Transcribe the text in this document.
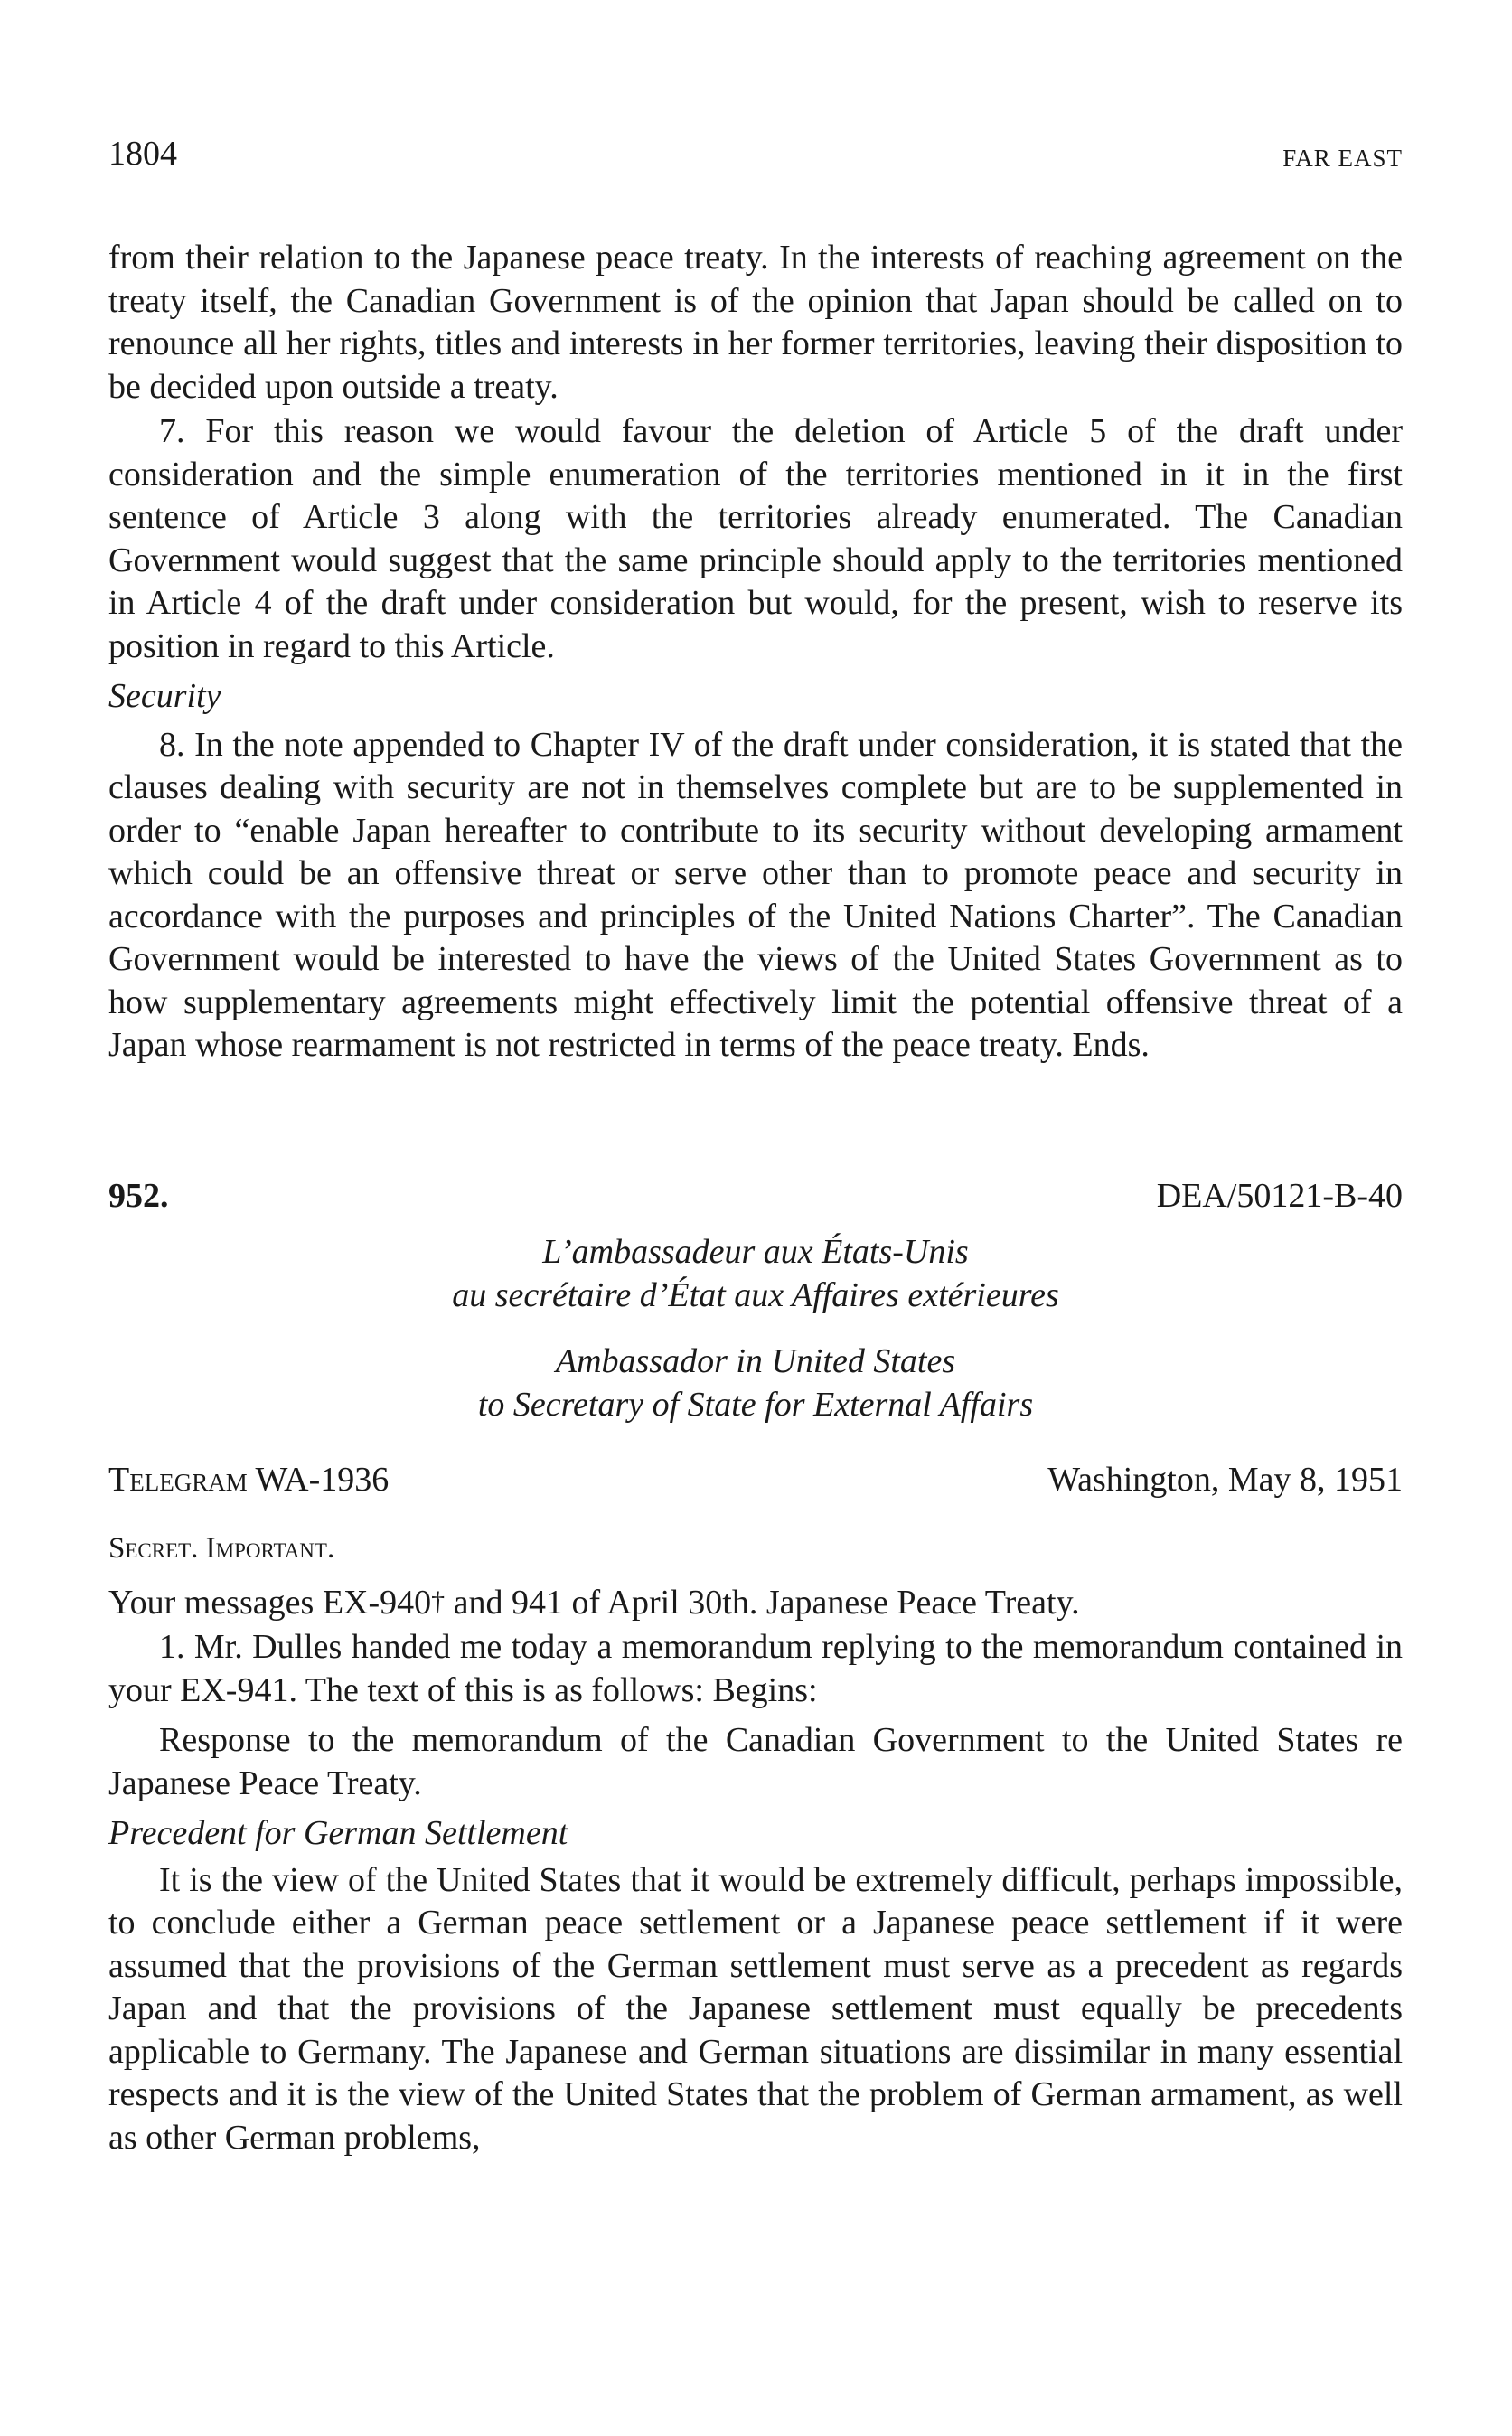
1804	FAR EAST

from their relation to the Japanese peace treaty. In the interests of reaching agreement on the treaty itself, the Canadian Government is of the opinion that Japan should be called on to renounce all her rights, titles and interests in her former territories, leaving their disposition to be decided upon outside a treaty.

7. For this reason we would favour the deletion of Article 5 of the draft under consideration and the simple enumeration of the territories mentioned in it in the first sentence of Article 3 along with the territories already enumerated. The Canadian Government would suggest that the same principle should apply to the territories mentioned in Article 4 of the draft under consideration but would, for the present, wish to reserve its position in regard to this Article.

Security

8. In the note appended to Chapter IV of the draft under consideration, it is stated that the clauses dealing with security are not in themselves complete but are to be supplemented in order to “enable Japan hereafter to contribute to its security without developing armament which could be an offensive threat or serve other than to promote peace and security in accordance with the purposes and principles of the United Nations Charter”. The Canadian Government would be interested to have the views of the United States Government as to how supplementary agreements might effectively limit the potential offensive threat of a Japan whose rearmament is not restricted in terms of the peace treaty. Ends.

952.	DEA/50121-B-40

L’ambassadeur aux États-Unis

au secrétaire d’État aux Affaires extérieures

Ambassador in United States

to Secretary of State for External Affairs

Telegram WA-1936	Washington, May 8, 1951

Secret. Important.

Your messages EX-940† and 941 of April 30th. Japanese Peace Treaty.

1. Mr. Dulles handed me today a memorandum replying to the memorandum contained in your EX-941. The text of this is as follows: Begins:

Response to the memorandum of the Canadian Government to the United States re Japanese Peace Treaty.

Precedent for German Settlement

It is the view of the United States that it would be extremely difficult, perhaps impossible, to conclude either a German peace settlement or a Japanese peace settlement if it were assumed that the provisions of the German settlement must serve as a precedent as regards Japan and that the provisions of the Japanese settlement must equally be precedents applicable to Germany. The Japanese and German situations are dissimilar in many essential respects and it is the view of the United States that the problem of German armament, as well as other German problems,
